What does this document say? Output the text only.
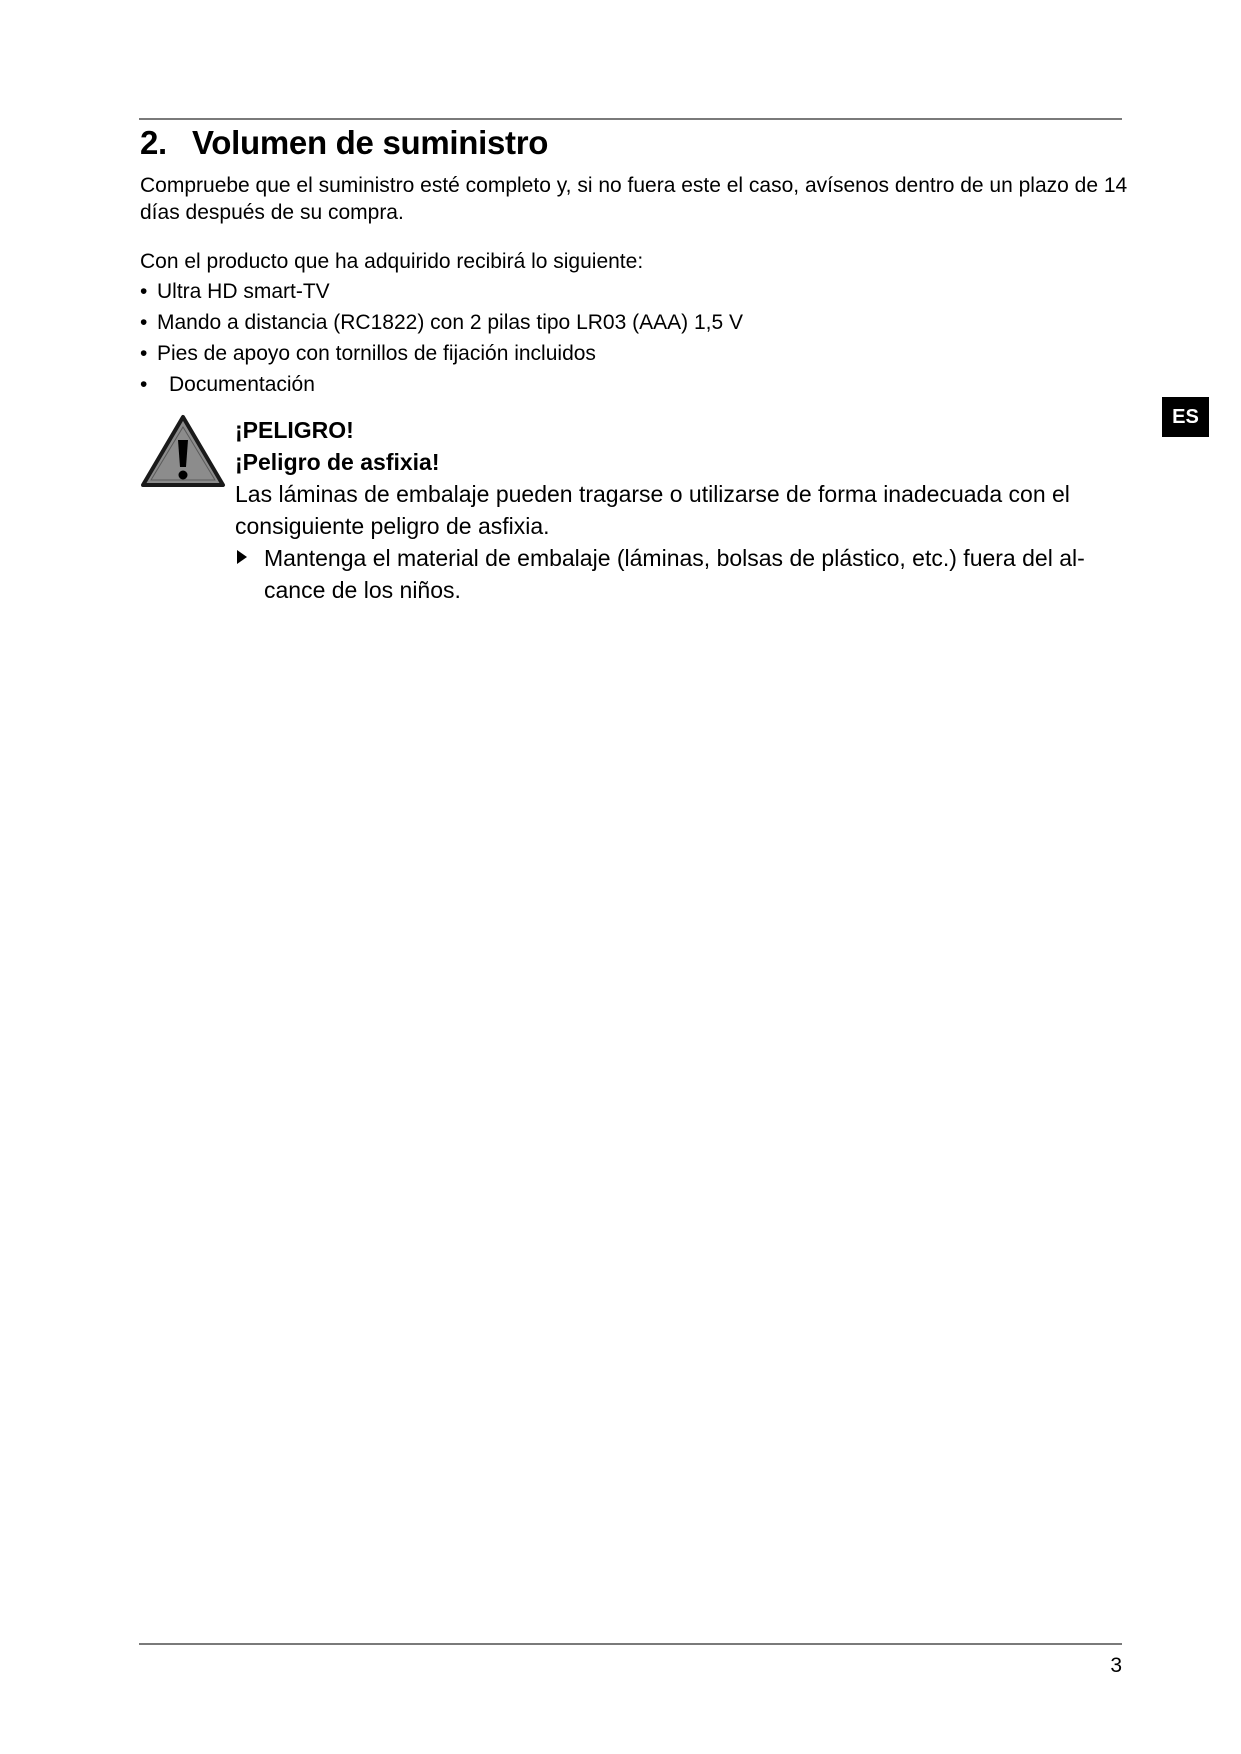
2. Volumen de suministro

Compruebe que el suministro esté completo y, si no fuera este el caso, avísenos dentro de un plazo de 14 días después de su compra.

Con el producto que ha adquirido recibirá lo siguiente:

• Ultra HD smart-TV
• Mando a distancia (RC1822) con 2 pilas tipo LR03 (AAA) 1,5 V
• Pies de apoyo con tornillos de fijación incluidos
• Documentación
ES
¡PELIGRO!
¡Peligro de asfixia!

Las láminas de embalaje pueden tragarse o utilizarse de forma inadecuada con el consiguiente peligro de asfixia.

Mantenga el material de embalaje (láminas, bolsas de plástico, etc.) fuera del al- cance de los niños.

3
